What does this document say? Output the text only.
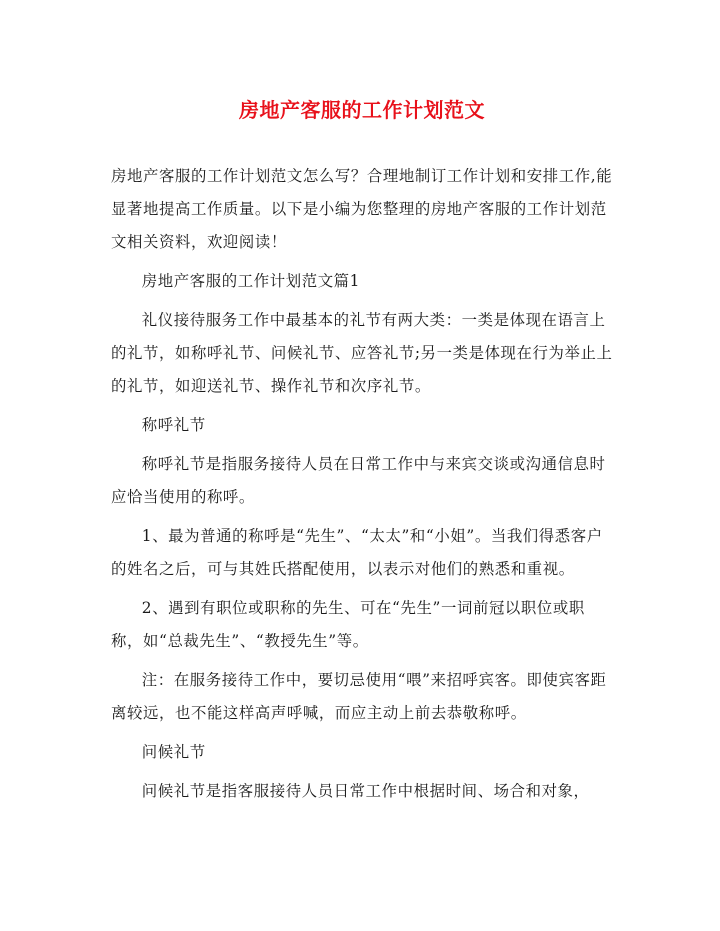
房地产客服的工作计划范文

房地产客服的工作计划范文怎么写？合理地制订工作计划和安排工作,能显著地提高工作质量。以下是小编为您整理的房地产客服的工作计划范文相关资料，欢迎阅读！

房地产客服的工作计划范文篇1

礼仪接待服务工作中最基本的礼节有两大类：一类是体现在语言上的礼节，如称呼礼节、问候礼节、应答礼节;另一类是体现在行为举止上的礼节，如迎送礼节、操作礼节和次序礼节。

称呼礼节

称呼礼节是指服务接待人员在日常工作中与来宾交谈或沟通信息时应恰当使用的称呼。

1、最为普通的称呼是“先生”、“太太”和“小姐”。当我们得悉客户的姓名之后，可与其姓氏搭配使用，以表示对他们的熟悉和重视。

2、遇到有职位或职称的先生、可在“先生”一词前冠以职位或职称，如“总裁先生”、“教授先生”等。

注：在服务接待工作中，要切忌使用“喂”来招呼宾客。即使宾客距离较远，也不能这样高声呼喊，而应主动上前去恭敬称呼。

问候礼节

问候礼节是指客服接待人员日常工作中根据时间、场合和对象，
